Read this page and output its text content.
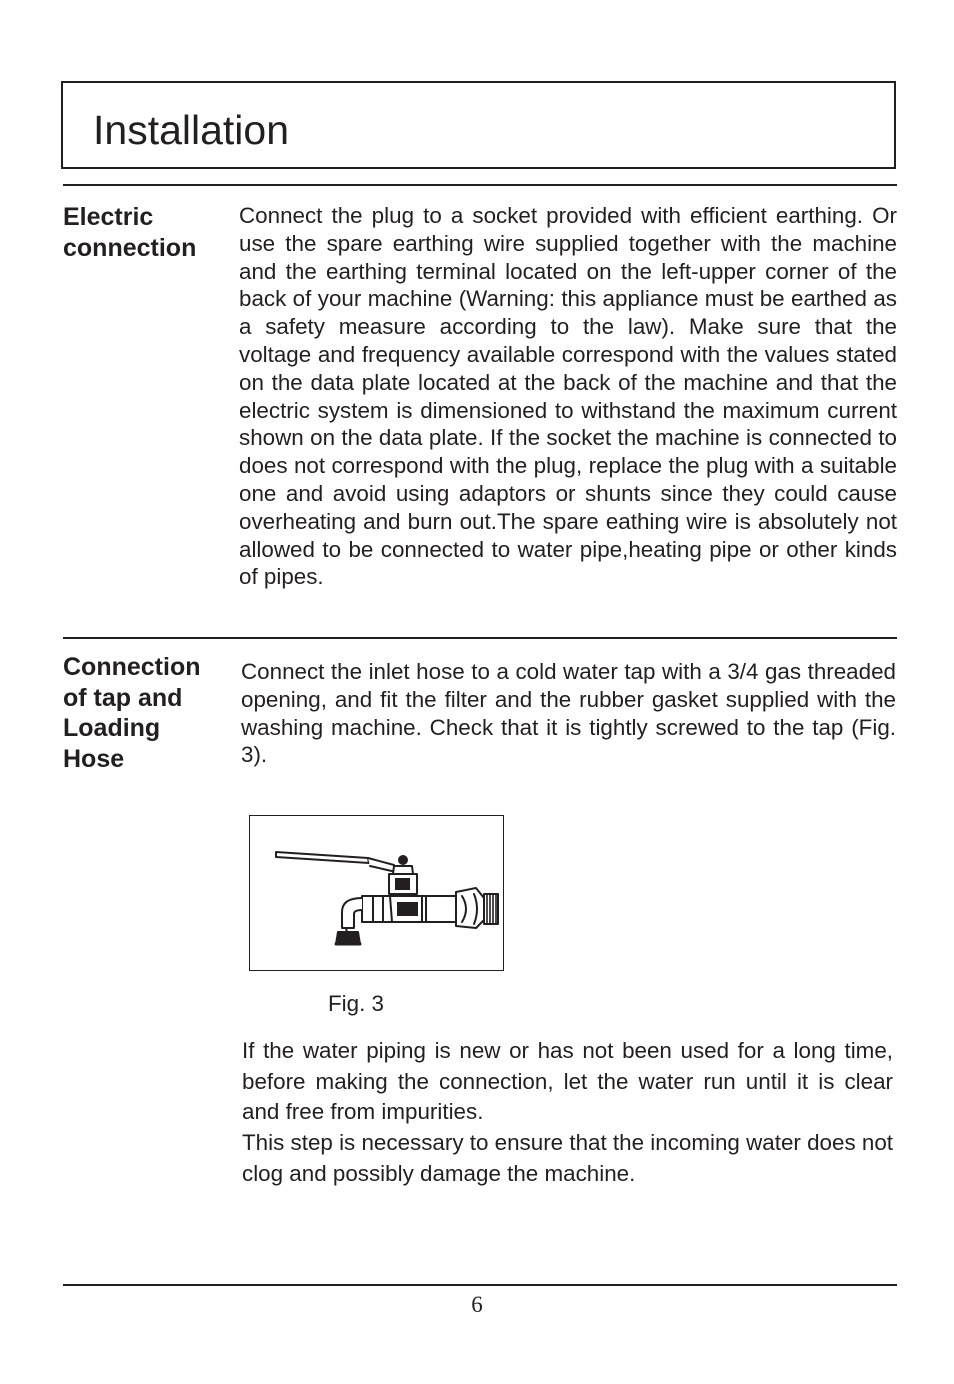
Installation
Electric connection
Connect the plug to a socket provided with efficient earthing. Or use the spare earthing wire supplied together with the machine and the earthing terminal located on the left-upper corner of the back of your machine (Warning: this appliance must be earthed as a safety measure according to the law). Make sure that the voltage and frequency available correspond with the values stated on the data plate located at the back of the machine and that the electric system is dimensioned to withstand the maximum current shown on the data plate. If the socket the machine is connected to does not correspond with the plug, replace the plug with a suitable one and avoid using adaptors or shunts since they could cause overheating and burn out.The spare eathing wire is absolutely not allowed to be connected to water pipe,heating pipe or other kinds of pipes.
Connection of tap and Loading Hose
Connect the inlet hose to a cold water tap with a 3/4 gas threaded opening, and fit the filter and the rubber gasket supplied with the washing machine. Check that it is tightly screwed to the tap (Fig. 3).
Fig. 3
If the water piping is new or has not been used for a long time, before making the connection, let the water run until it is clear and free from impurities.
This step is necessary to ensure that the incoming water does not clog and possibly damage the machine.
6
